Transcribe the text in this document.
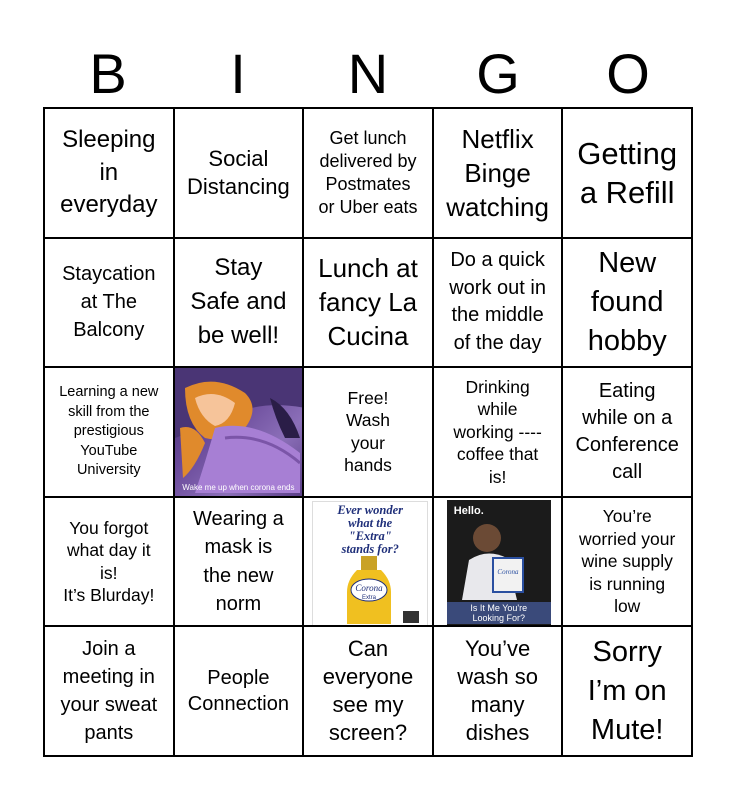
B	I	N	G	O
Sleeping
in
everyday
Social
Distancing
Get lunch
delivered by
Postmates
or Uber eats
Netflix
Binge
watching
Getting
a Refill
Staycation
at The
Balcony
Stay
Safe and
be well!
Lunch at
fancy La
Cucina
Do a quick
work out in
the middle
of the day
New
found
hobby
Learning a new
skill from the
prestigious
YouTube
University
Wake me up when corona ends
Free!
Wash
your
hands
Drinking
while
working ----
coffee that
is!
Eating
while on a
Conference
call
You forgot
what day it
is!
It’s Blurday!
Wearing a
mask is
the new
norm
Ever wonder
what the
"Extra"
stands for?
Corona
Extra
Hello.
Corona
Is It Me You're
Looking For?
You’re
worried your
wine supply
is running
low
Join a
meeting in
your sweat
pants
People
Connection
Can
everyone
see my
screen?
You’ve
wash so
many
dishes
Sorry
I’m on
Mute!
